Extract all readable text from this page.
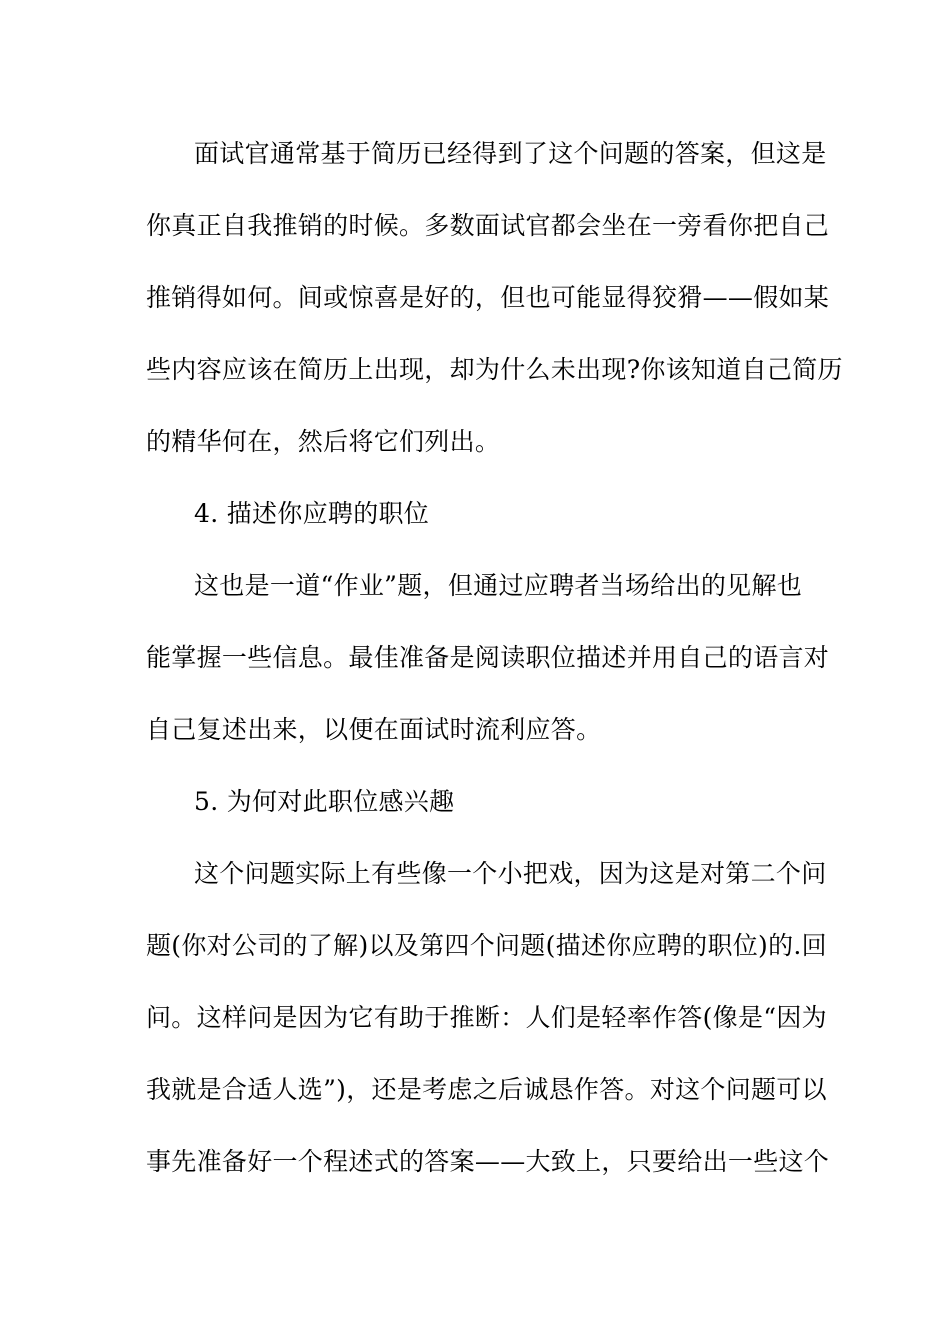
面试官通常基于简历已经得到了这个问题的答案，但这是
你真正自我推销的时候。多数面试官都会坐在一旁看你把自己
推销得如何。间或惊喜是好的，但也可能显得狡猾——假如某
些内容应该在简历上出现，却为什么未出现?你该知道自己简历
的精华何在，然后将它们列出。
4. 描述你应聘的职位
这也是一道“作业”题，但通过应聘者当场给出的见解也
能掌握一些信息。最佳准备是阅读职位描述并用自己的语言对
自己复述出来，以便在面试时流利应答。
5. 为何对此职位感兴趣
这个问题实际上有些像一个小把戏，因为这是对第二个问
题(你对公司的了解)以及第四个问题(描述你应聘的职位)的.回
问。这样问是因为它有助于推断：人们是轻率作答(像是“因为
我就是合适人选”)，还是考虑之后诚恳作答。对这个问题可以
事先准备好一个程述式的答案——大致上，只要给出一些这个
